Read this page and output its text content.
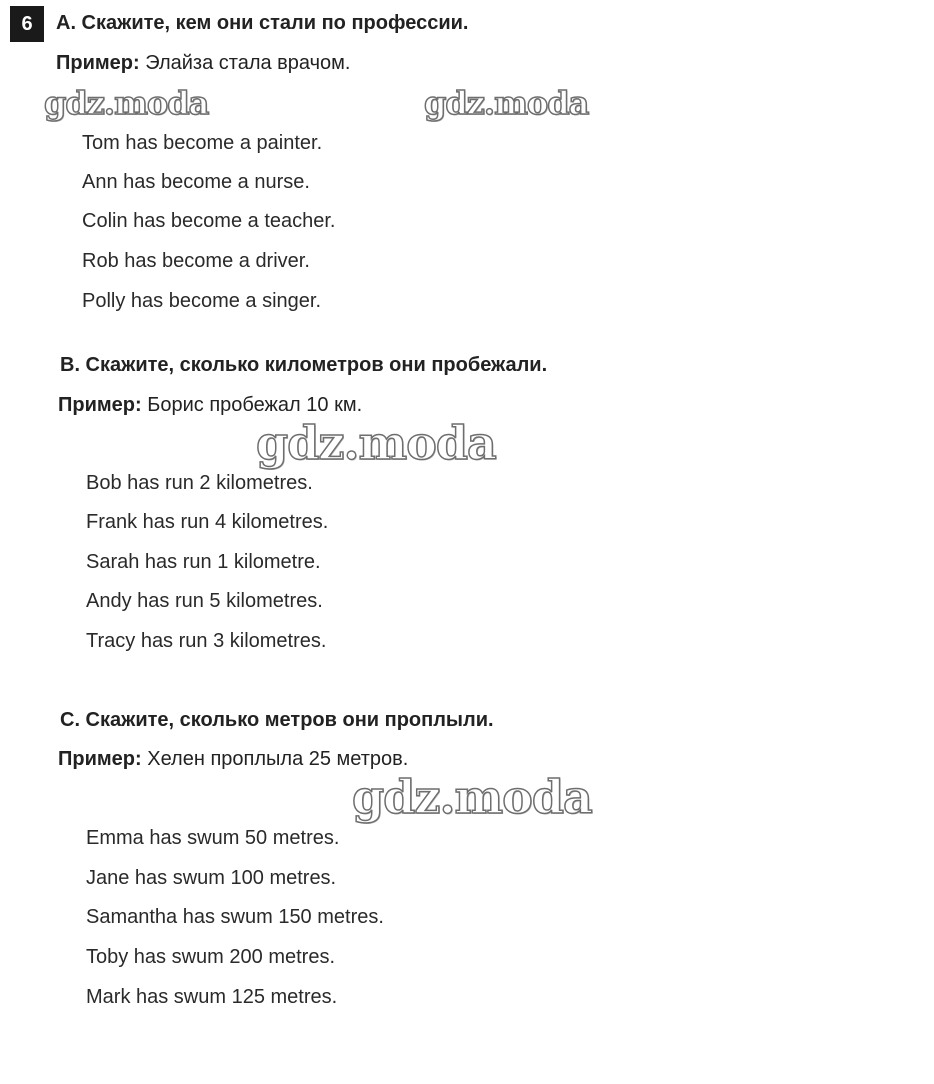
6	A. Скажите, кем они стали по профессии.
Пример: Элайза стала врачом.
gdz.moda	gdz.moda
Tom has become a painter.
Ann has become a nurse.
Colin has become a teacher.
Rob has become a driver.
Polly has become a singer.
B. Скажите, сколько километров они пробежали.
Пример: Борис пробежал 10 км.
gdz.moda
Bob has run 2 kilometres.
Frank has run 4 kilometres.
Sarah has run 1 kilometre.
Andy has run 5 kilometres.
Tracy has run 3 kilometres.
C. Скажите, сколько метров они проплыли.
Пример: Хелен проплыла 25 метров.
gdz.moda
Emma has swum 50 metres.
Jane has swum 100 metres.
Samantha has swum 150 metres.
Toby has swum 200 metres.
Mark has swum 125 metres.
